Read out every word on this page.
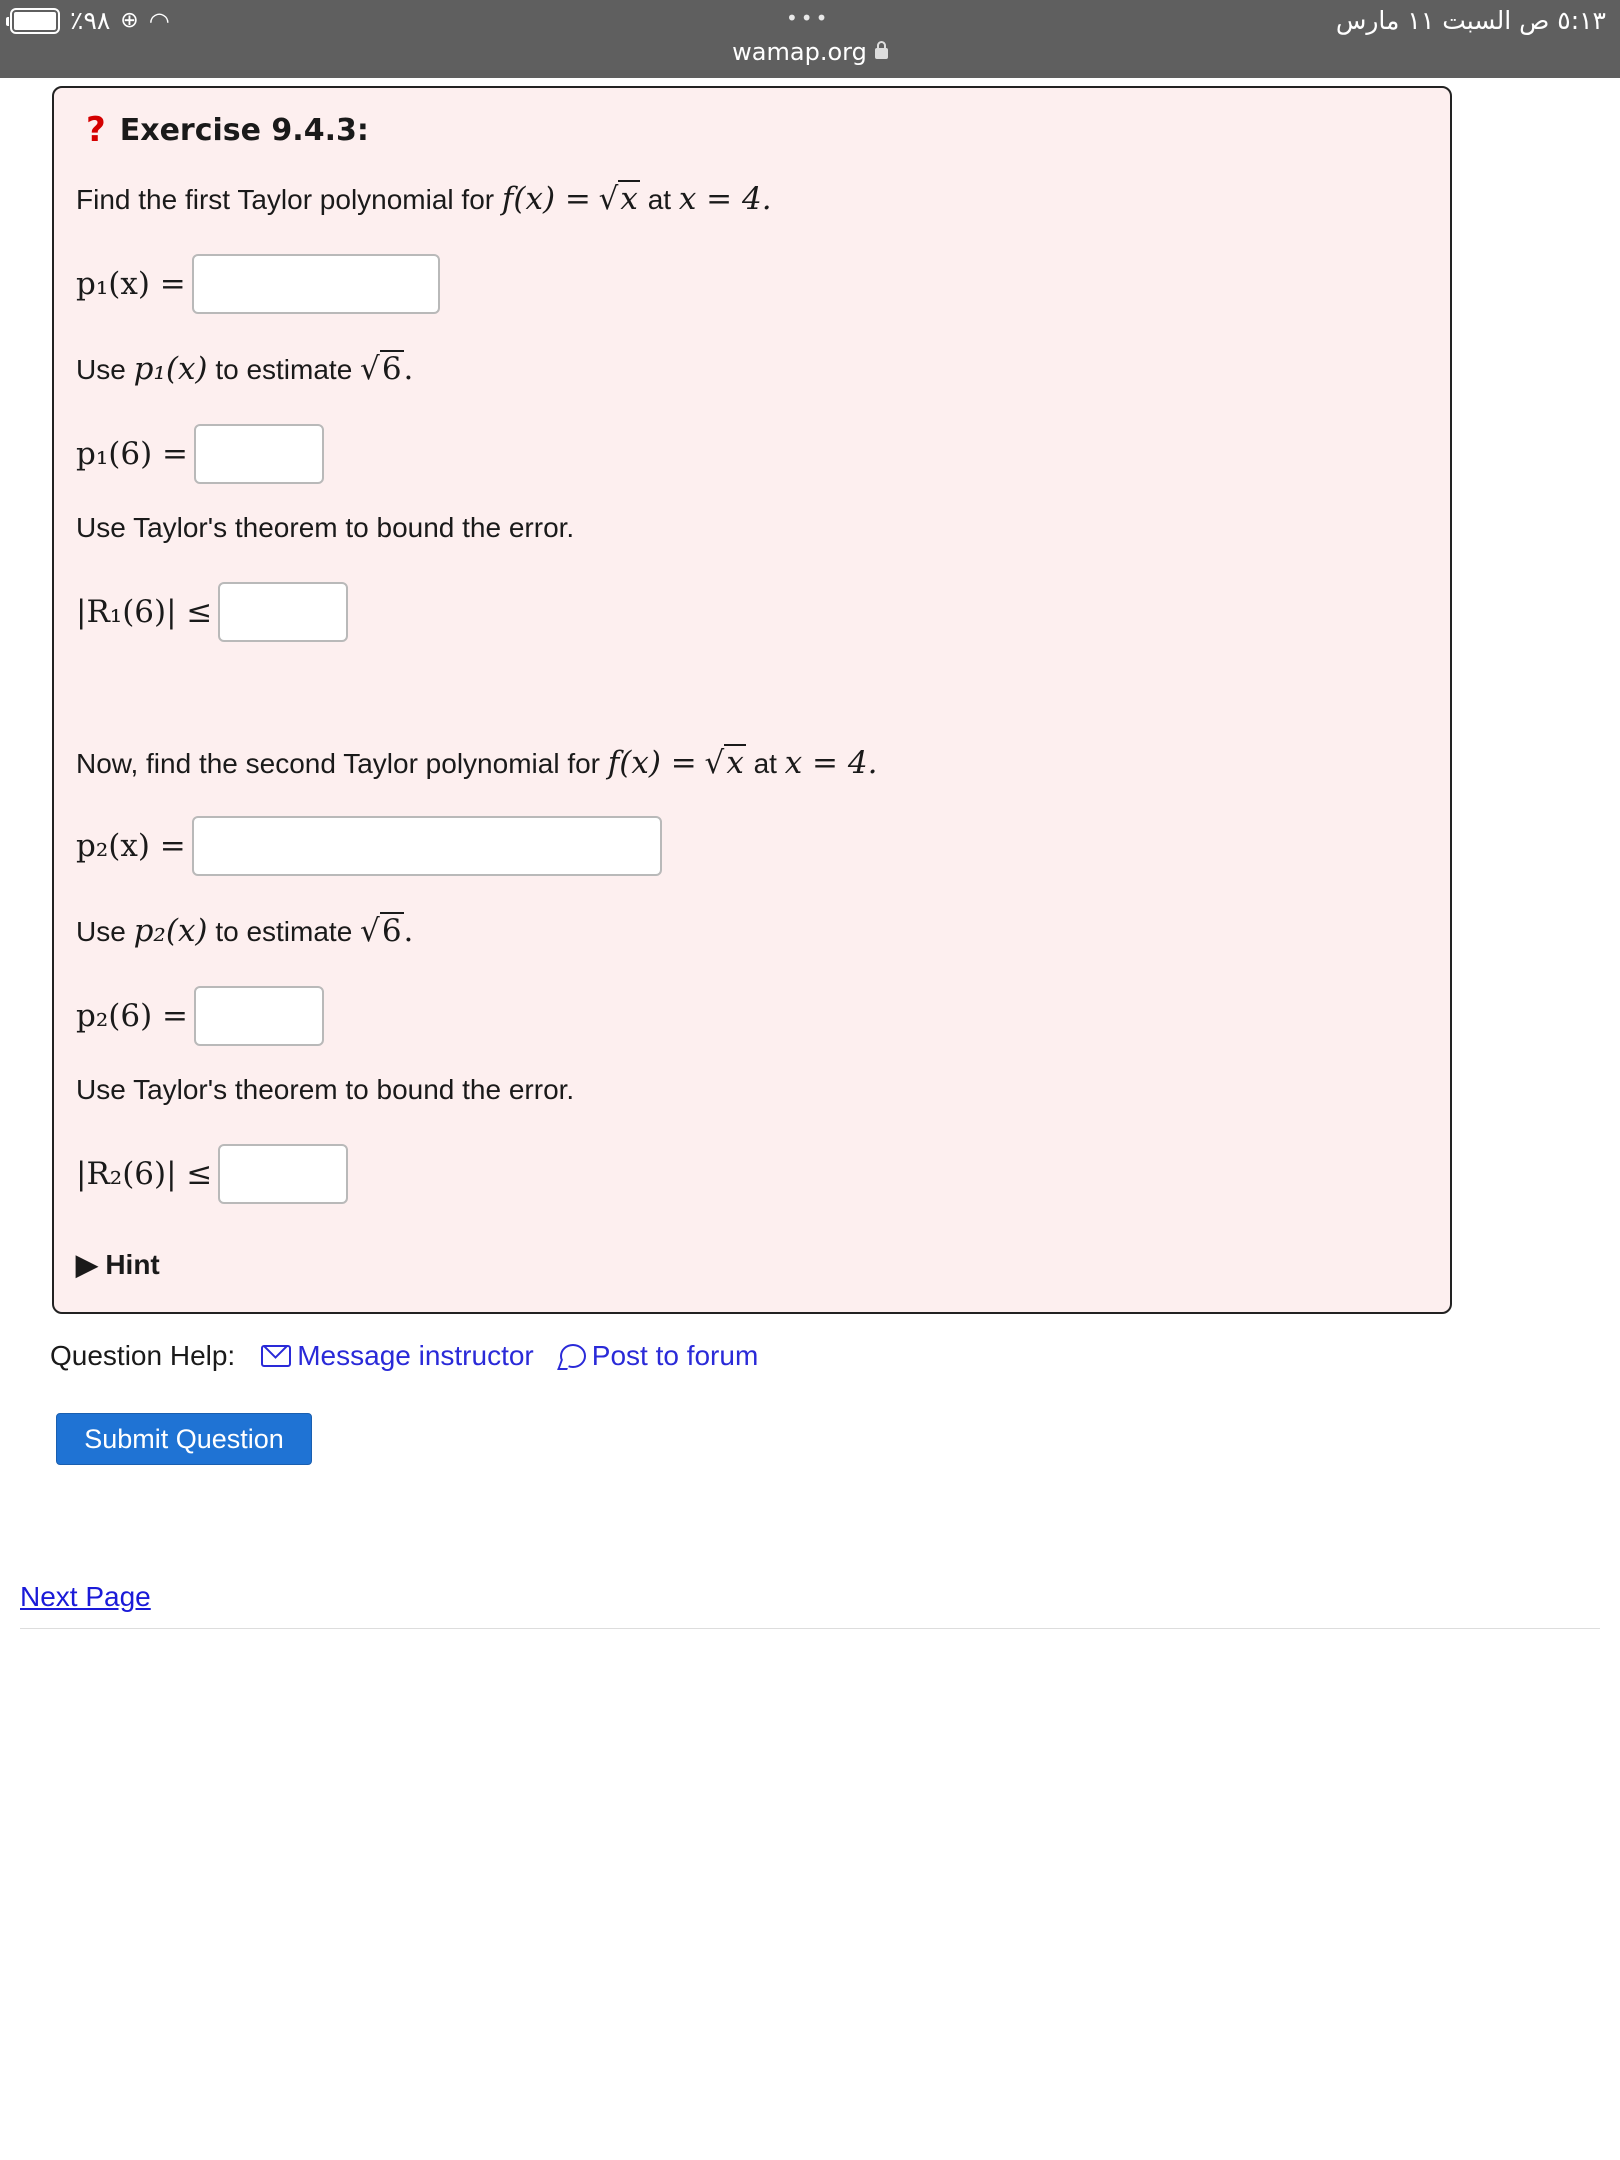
٪٩٨ ⊕ ◠	•••
wamap.org
٥:١٣ ص السبت ١١ مارس
? Exercise 9.4.3:
Find the first Taylor polynomial for f(x) = √x at x = 4.
p₁(x) =
Use p₁(x) to estimate √6.
p₁(6) =
Use Taylor's theorem to bound the error.
|R₁(6)| ≤
Now, find the second Taylor polynomial for f(x) = √x at x = 4.
p₂(x) =
Use p₂(x) to estimate √6.
p₂(6) =
Use Taylor's theorem to bound the error.
|R₂(6)| ≤
▶ Hint
Question Help: Message instructor Post to forum
Submit Question
Next Page
